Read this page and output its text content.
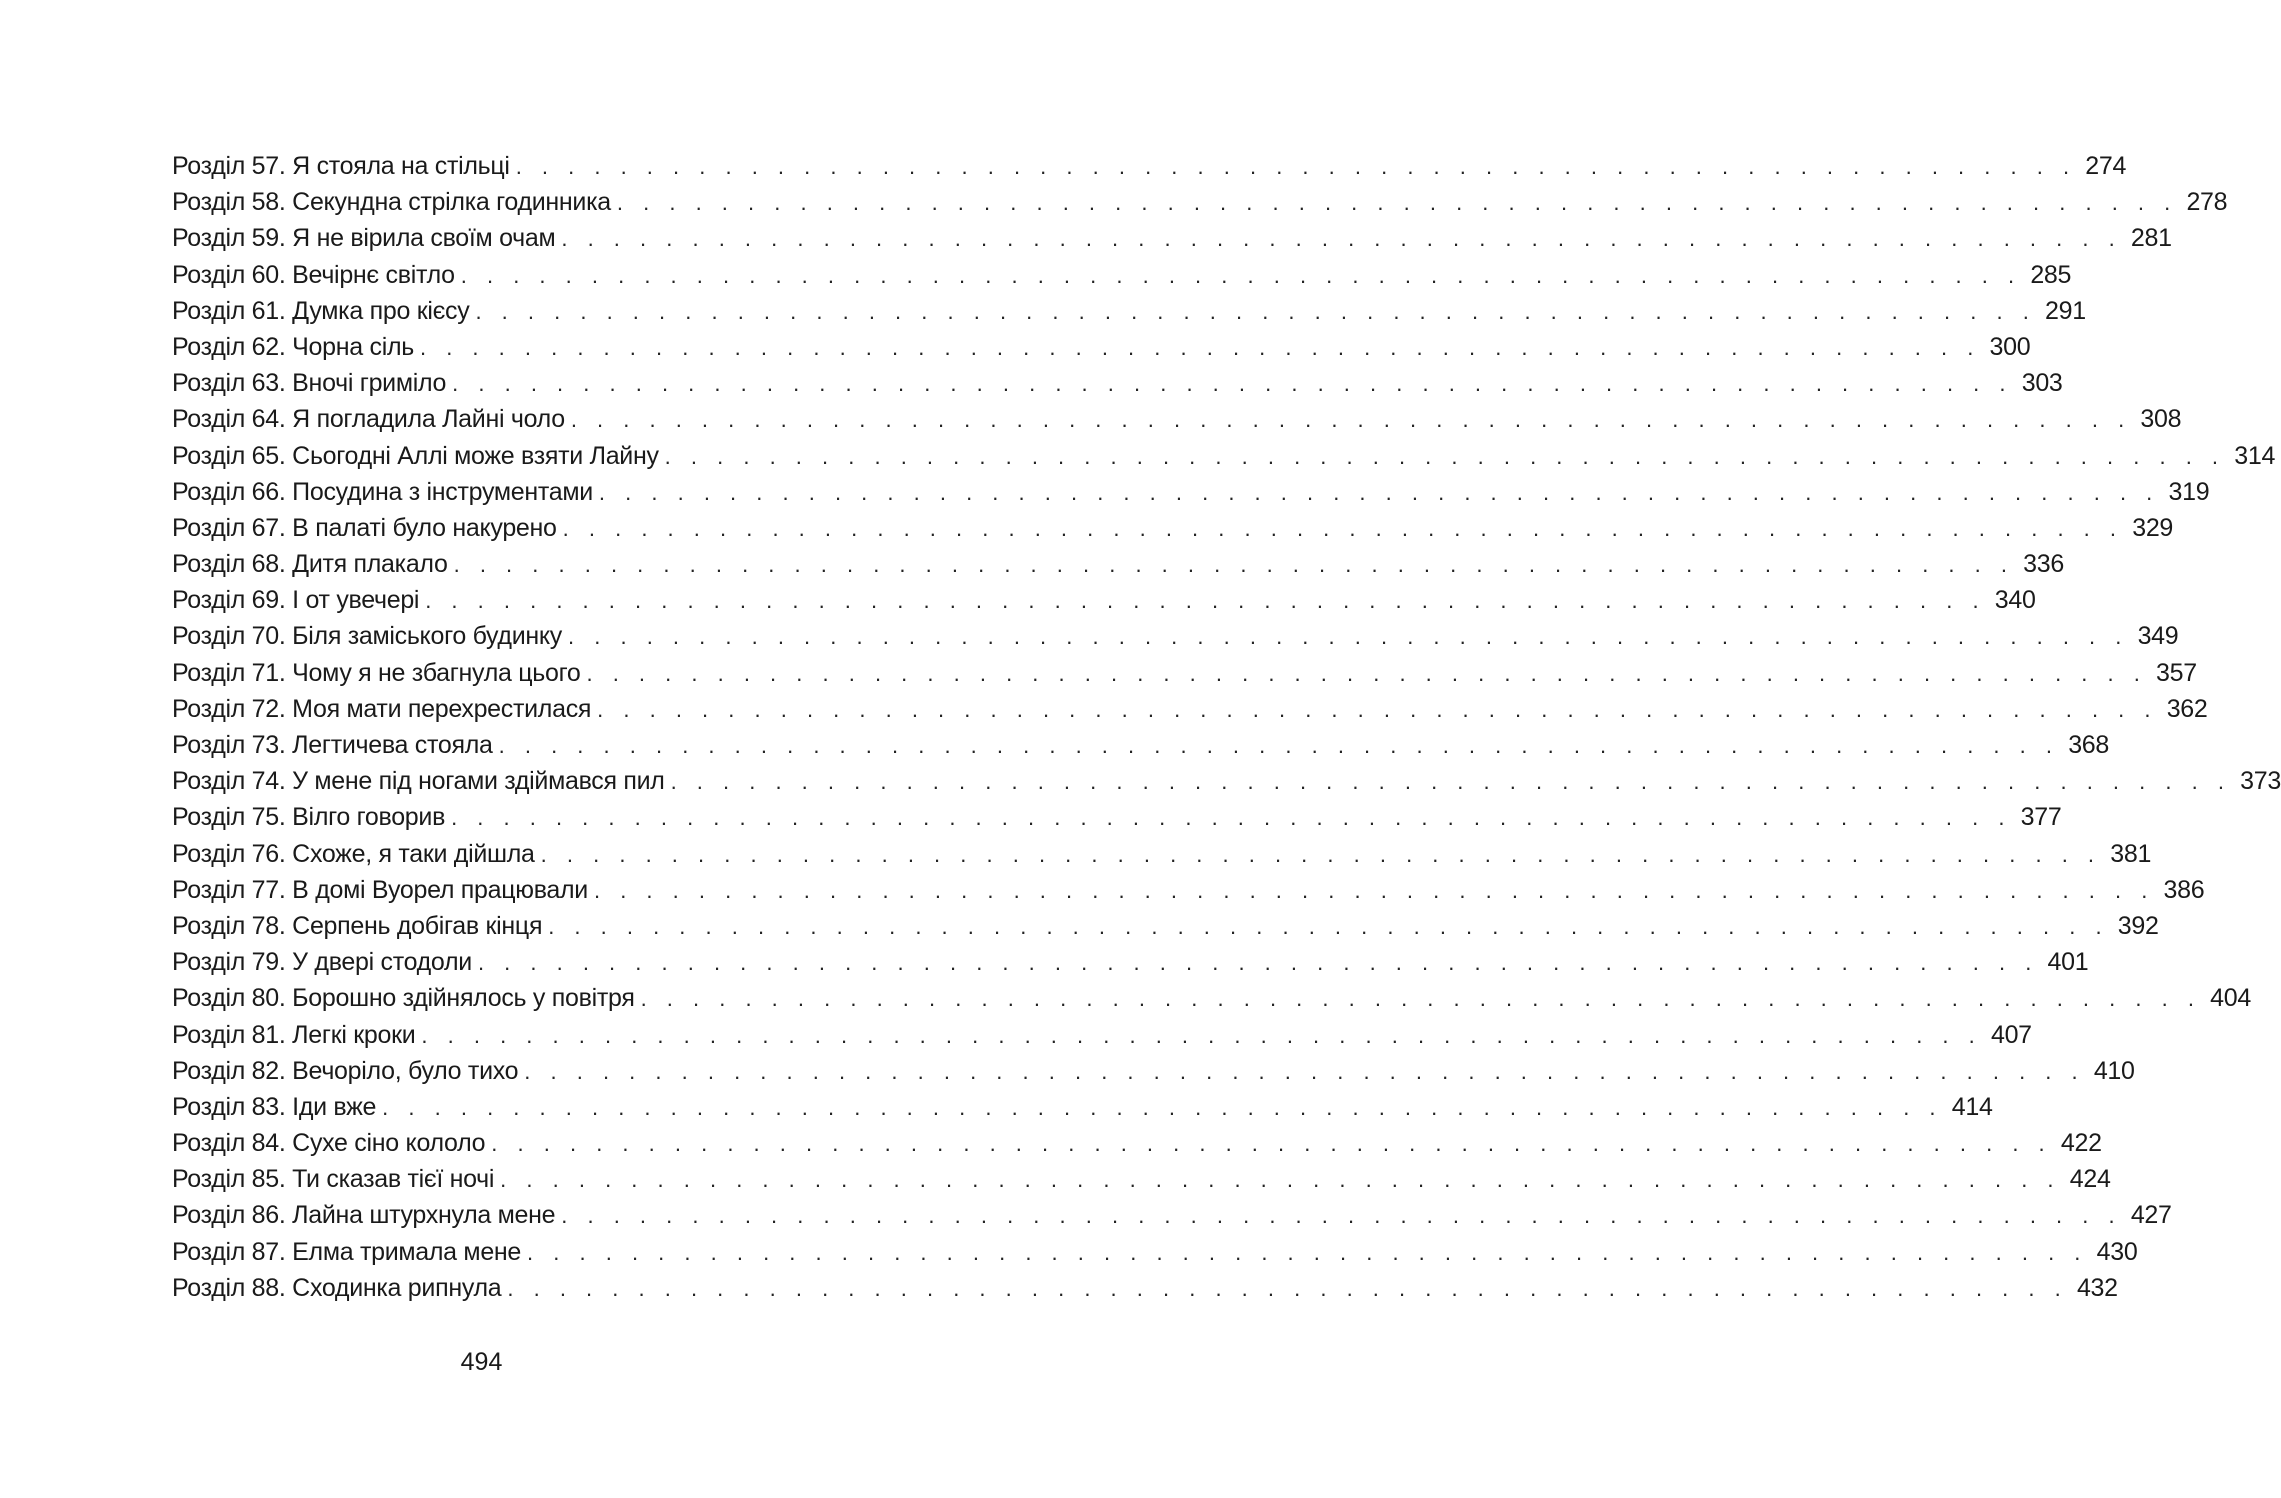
Розділ 57. Я стояла на стільці . . . . . . . . . . . . . . . . . . . . . . . . . . . . . . . . . . . . . . . . . . . . . . . . . . . . . . . . . . . . 274
Розділ 58. Секундна стрілка годинника . . . . . . . . . . . . . . . . . . . . . . . . . . . . . . . . . . . . . . . . . . . . . . . . . . . . . . . . . . . . 278
Розділ 59. Я не вірила своїм очам . . . . . . . . . . . . . . . . . . . . . . . . . . . . . . . . . . . . . . . . . . . . . . . . . . . . . . . . . . . . 281
Розділ 60. Вечірнє світло . . . . . . . . . . . . . . . . . . . . . . . . . . . . . . . . . . . . . . . . . . . . . . . . . . . . . . . . . . . . 285
Розділ 61. Думка про кієсу . . . . . . . . . . . . . . . . . . . . . . . . . . . . . . . . . . . . . . . . . . . . . . . . . . . . . . . . . . . . 291
Розділ 62. Чорна сіль . . . . . . . . . . . . . . . . . . . . . . . . . . . . . . . . . . . . . . . . . . . . . . . . . . . . . . . . . . . . 300
Розділ 63. Вночі гриміло . . . . . . . . . . . . . . . . . . . . . . . . . . . . . . . . . . . . . . . . . . . . . . . . . . . . . . . . . . . . 303
Розділ 64. Я погладила Лайні чоло . . . . . . . . . . . . . . . . . . . . . . . . . . . . . . . . . . . . . . . . . . . . . . . . . . . . . . . . . . . . 308
Розділ 65. Сьогодні Аллі може взяти Лайну . . . . . . . . . . . . . . . . . . . . . . . . . . . . . . . . . . . . . . . . . . . . . . . . . . . . . . . . . . . . 314
Розділ 66. Посудина з інструментами . . . . . . . . . . . . . . . . . . . . . . . . . . . . . . . . . . . . . . . . . . . . . . . . . . . . . . . . . . . . 319
Розділ 67. В палаті було накурено . . . . . . . . . . . . . . . . . . . . . . . . . . . . . . . . . . . . . . . . . . . . . . . . . . . . . . . . . . . . 329
Розділ 68. Дитя плакало . . . . . . . . . . . . . . . . . . . . . . . . . . . . . . . . . . . . . . . . . . . . . . . . . . . . . . . . . . . . 336
Розділ 69. І от увечері . . . . . . . . . . . . . . . . . . . . . . . . . . . . . . . . . . . . . . . . . . . . . . . . . . . . . . . . . . . . 340
Розділ 70. Біля заміського будинку . . . . . . . . . . . . . . . . . . . . . . . . . . . . . . . . . . . . . . . . . . . . . . . . . . . . . . . . . . . . 349
Розділ 71. Чому я не збагнула цього . . . . . . . . . . . . . . . . . . . . . . . . . . . . . . . . . . . . . . . . . . . . . . . . . . . . . . . . . . . . 357
Розділ 72. Моя мати перехрестилася . . . . . . . . . . . . . . . . . . . . . . . . . . . . . . . . . . . . . . . . . . . . . . . . . . . . . . . . . . . . 362
Розділ 73. Легтичева стояла . . . . . . . . . . . . . . . . . . . . . . . . . . . . . . . . . . . . . . . . . . . . . . . . . . . . . . . . . . . . 368
Розділ 74. У мене під ногами здіймався пил . . . . . . . . . . . . . . . . . . . . . . . . . . . . . . . . . . . . . . . . . . . . . . . . . . . . . . . . . . . . 373
Розділ 75. Вілго говорив . . . . . . . . . . . . . . . . . . . . . . . . . . . . . . . . . . . . . . . . . . . . . . . . . . . . . . . . . . . . 377
Розділ 76. Схоже, я таки дійшла . . . . . . . . . . . . . . . . . . . . . . . . . . . . . . . . . . . . . . . . . . . . . . . . . . . . . . . . . . . . 381
Розділ 77. В домі Вуорел працювали . . . . . . . . . . . . . . . . . . . . . . . . . . . . . . . . . . . . . . . . . . . . . . . . . . . . . . . . . . . . 386
Розділ 78. Серпень добігав кінця . . . . . . . . . . . . . . . . . . . . . . . . . . . . . . . . . . . . . . . . . . . . . . . . . . . . . . . . . . . . 392
Розділ 79. У двері стодоли . . . . . . . . . . . . . . . . . . . . . . . . . . . . . . . . . . . . . . . . . . . . . . . . . . . . . . . . . . . . 401
Розділ 80. Борошно здійнялось у повітря . . . . . . . . . . . . . . . . . . . . . . . . . . . . . . . . . . . . . . . . . . . . . . . . . . . . . . . . . . . . 404
Розділ 81. Легкі кроки . . . . . . . . . . . . . . . . . . . . . . . . . . . . . . . . . . . . . . . . . . . . . . . . . . . . . . . . . . . . 407
Розділ 82. Вечоріло, було тихо . . . . . . . . . . . . . . . . . . . . . . . . . . . . . . . . . . . . . . . . . . . . . . . . . . . . . . . . . . . . 410
Розділ 83. Іди вже . . . . . . . . . . . . . . . . . . . . . . . . . . . . . . . . . . . . . . . . . . . . . . . . . . . . . . . . . . . . 414
Розділ 84. Сухе сіно кололо . . . . . . . . . . . . . . . . . . . . . . . . . . . . . . . . . . . . . . . . . . . . . . . . . . . . . . . . . . . . 422
Розділ 85. Ти сказав тієї ночі . . . . . . . . . . . . . . . . . . . . . . . . . . . . . . . . . . . . . . . . . . . . . . . . . . . . . . . . . . . . 424
Розділ 86. Лайна штурхнула мене . . . . . . . . . . . . . . . . . . . . . . . . . . . . . . . . . . . . . . . . . . . . . . . . . . . . . . . . . . . . 427
Розділ 87. Елма тримала мене . . . . . . . . . . . . . . . . . . . . . . . . . . . . . . . . . . . . . . . . . . . . . . . . . . . . . . . . . . . . 430
Розділ 88. Сходинка рипнула . . . . . . . . . . . . . . . . . . . . . . . . . . . . . . . . . . . . . . . . . . . . . . . . . . . . . . . . . . . . 432
494
